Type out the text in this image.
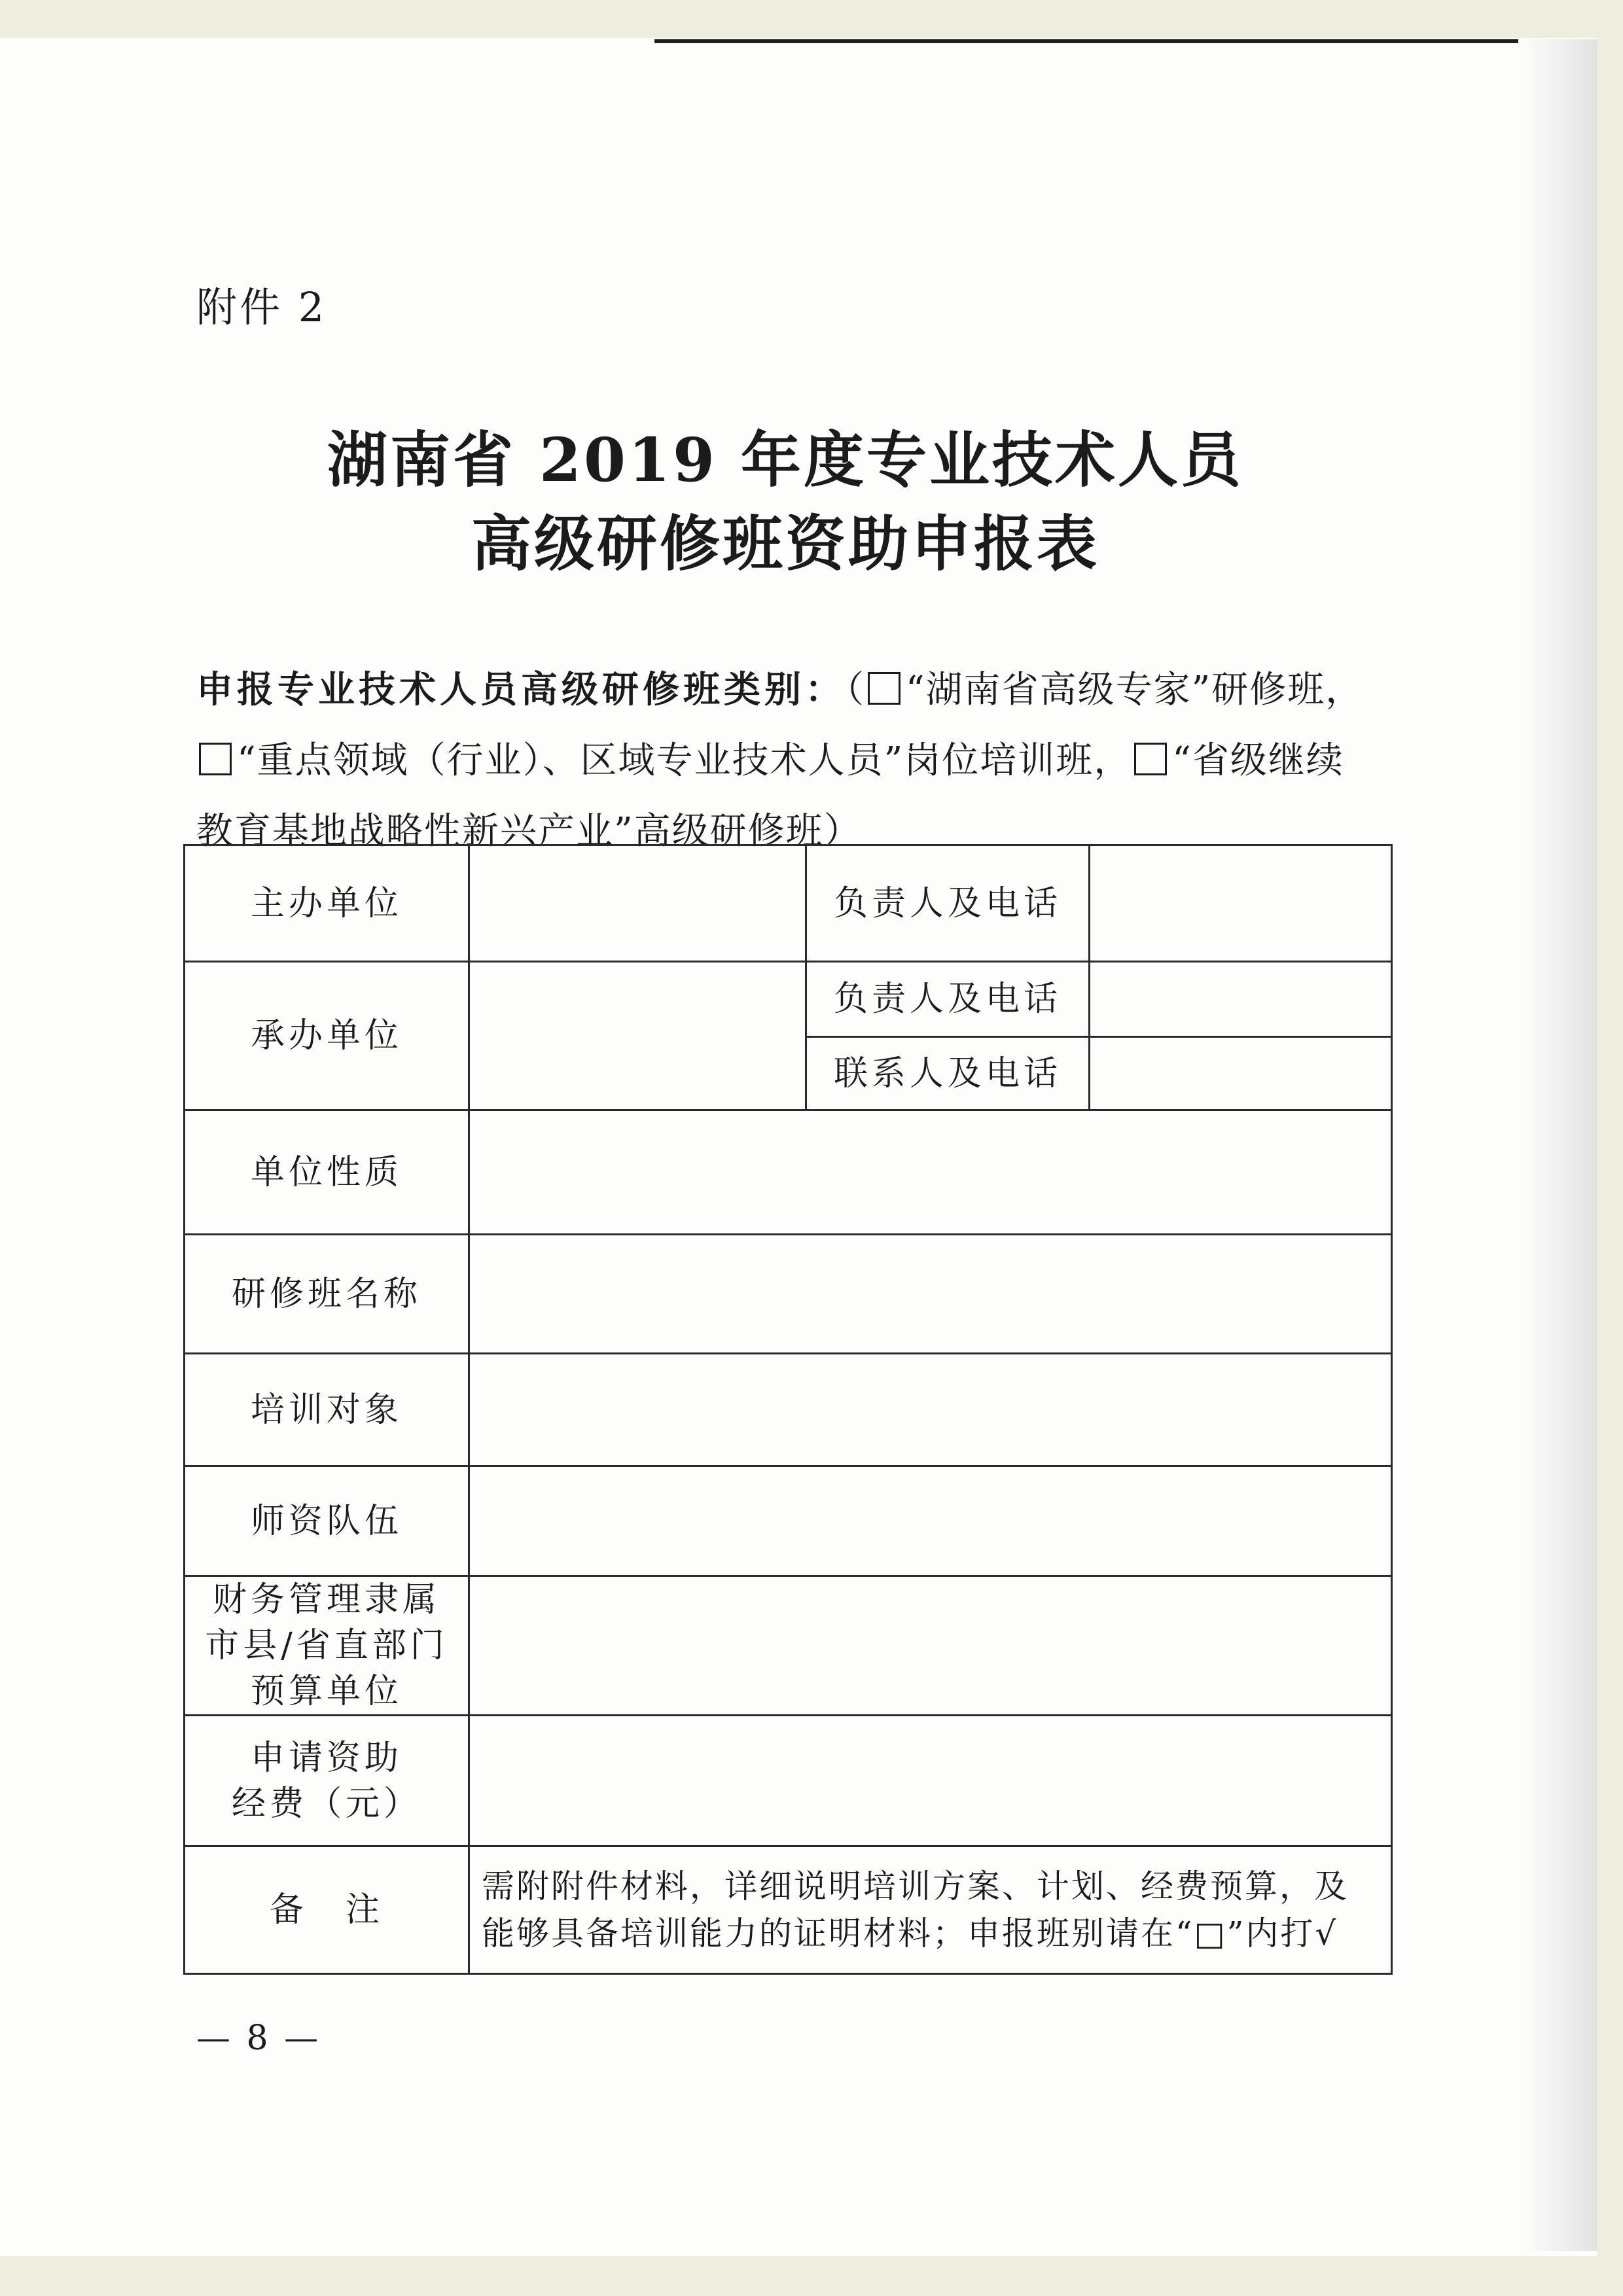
附件 2
湖南省 2019 年度专业技术人员
高级研修班资助申报表
申报专业技术人员高级研修班类别：（ “湖南省高级专家”研修班，“重点领域（行业）、区域专业技术人员”岗位培训班， “省级继续教育基地战略性新兴产业”高级研修班）
主办单位		负责人及电话	
承办单位		负责人及电话	
		联系人及电话	
单位性质			
研修班名称			
培训对象			
师资队伍			

财务管理隶属
市县/省直部门
预算单位			

申请资助
经费（元）			

备　注	需附附件材料，详细说明培训方案、计划、经费预算，及能够具备培训能力的证明材料；申报班别请在“□”内打√		
— 8 —
